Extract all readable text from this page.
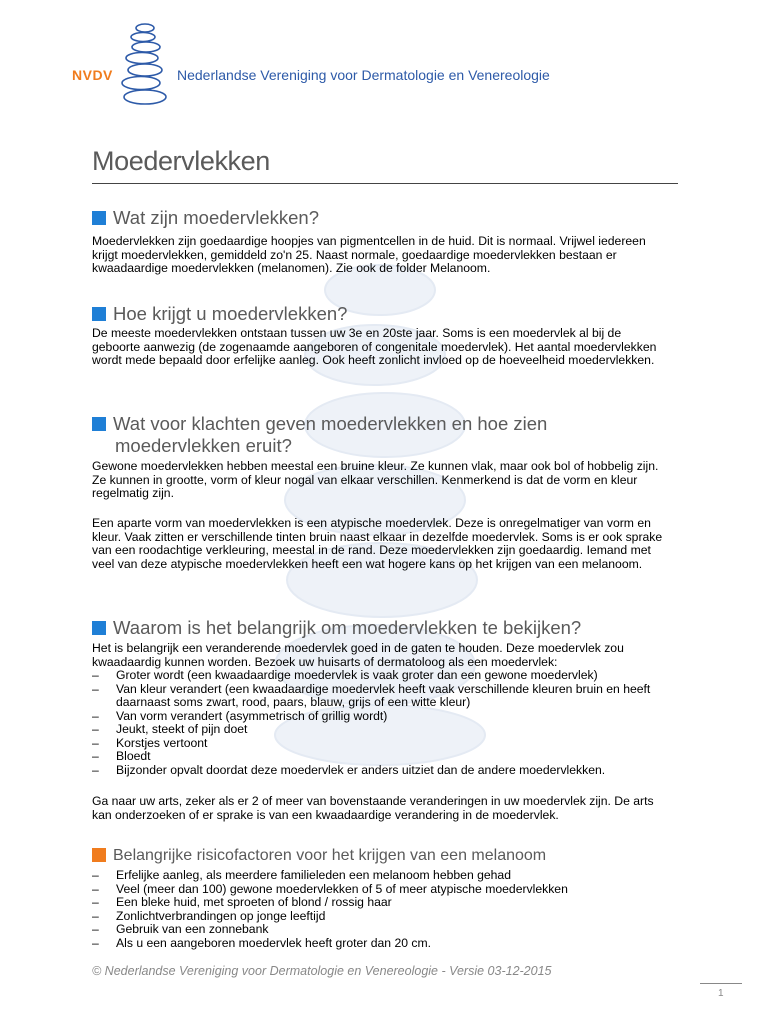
NVDV	Nederlandse Vereniging voor Dermatologie en Venereologie
Moedervlekken
Wat zijn moedervlekken?

Moedervlekken zijn goedaardige hoopjes van pigmentcellen in de huid. Dit is normaal. Vrijwel iedereen krijgt moedervlekken, gemiddeld zo'n 25. Naast normale, goedaardige moedervlekken bestaan er kwaadaardige moedervlekken (melanomen). Zie ook de folder Melanoom.

Hoe krijgt u moedervlekken?

De meeste moedervlekken ontstaan tussen uw 3e en 20ste jaar. Soms is een moedervlek al bij de geboorte aanwezig (de zogenaamde aangeboren of congenitale moedervlek). Het aantal moedervlekken wordt mede bepaald door erfelijke aanleg. Ook heeft zonlicht invloed op de hoeveelheid moedervlekken.

Wat voor klachten geven moedervlekken en hoe zien moedervlekken eruit?

Gewone moedervlekken hebben meestal een bruine kleur. Ze kunnen vlak, maar ook bol of hobbelig zijn. Ze kunnen in grootte, vorm of kleur nogal van elkaar verschillen. Kenmerkend is dat de vorm en kleur regelmatig zijn.

Een aparte vorm van moedervlekken is een atypische moedervlek. Deze is onregelmatiger van vorm en kleur. Vaak zitten er verschillende tinten bruin naast elkaar in dezelfde moedervlek. Soms is er ook sprake van een roodachtige verkleuring, meestal in de rand. Deze moedervlekken zijn goedaardig. Iemand met veel van deze atypische moedervlekken heeft een wat hogere kans op het krijgen van een melanoom.

Waarom is het belangrijk om moedervlekken te bekijken?

Het is belangrijk een veranderende moedervlek goed in de gaten te houden. Deze moedervlek zou kwaadaardig kunnen worden. Bezoek uw huisarts of dermatoloog als een moedervlek:

– Groter wordt (een kwaadaardige moedervlek is vaak groter dan een gewone moedervlek)
– Van kleur verandert (een kwaadaardige moedervlek heeft vaak verschillende kleuren bruin en heeft daarnaast soms zwart, rood, paars, blauw, grijs of een witte kleur)
– Van vorm verandert (asymmetrisch of grillig wordt)
– Jeukt, steekt of pijn doet
– Korstjes vertoont
– Bloedt
– Bijzonder opvalt doordat deze moedervlek er anders uitziet dan de andere moedervlekken.

Ga naar uw arts, zeker als er 2 of meer van bovenstaande veranderingen in uw moedervlek zijn. De arts kan onderzoeken of er sprake is van een kwaadaardige verandering in de moedervlek.

Belangrijke risicofactoren voor het krijgen van een melanoom
– Erfelijke aanleg, als meerdere familieleden een melanoom hebben gehad
– Veel (meer dan 100) gewone moedervlekken of 5 of meer atypische moedervlekken
– Een bleke huid, met sproeten of blond / rossig haar
– Zonlichtverbrandingen op jonge leeftijd
– Gebruik van een zonnebank
– Als u een aangeboren moedervlek heeft groter dan 20 cm.
© Nederlandse Vereniging voor Dermatologie en Venereologie - Versie 03-12-2015
1
